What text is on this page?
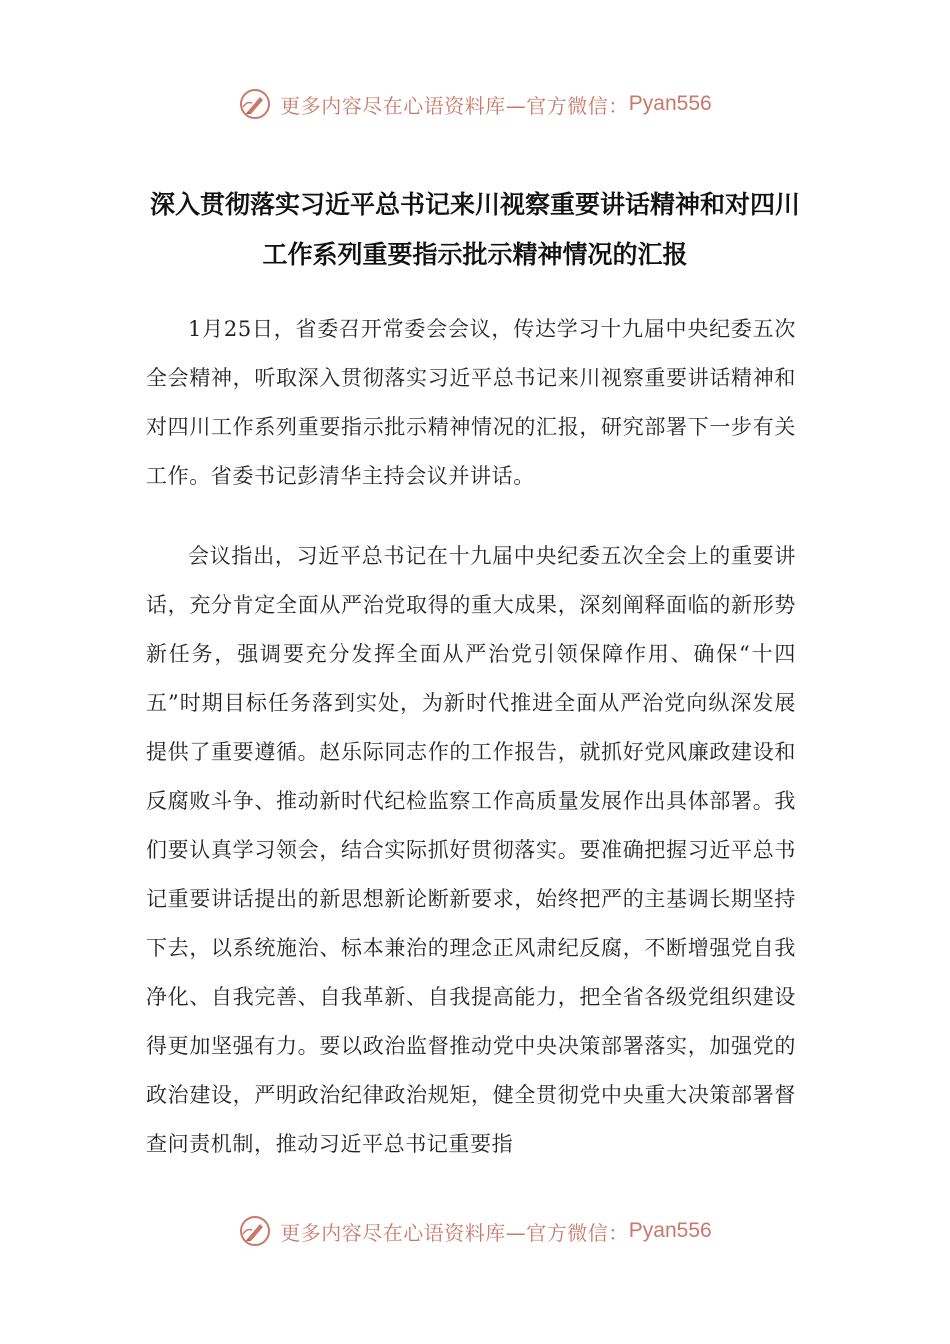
更多内容尽在心语资料库—官方微信： Pyan556
深入贯彻落实习近平总书记来川视察重要讲话精神和对四川工作系列重要指示批示精神情况的汇报

1月25日，省委召开常委会会议，传达学习十九届中央纪委五次全会精神，听取深入贯彻落实习近平总书记来川视察重要讲话精神和对四川工作系列重要指示批示精神情况的汇报，研究部署下一步有关工作。省委书记彭清华主持会议并讲话。

会议指出，习近平总书记在十九届中央纪委五次全会上的重要讲话，充分肯定全面从严治党取得的重大成果，深刻阐释面临的新形势新任务，强调要充分发挥全面从严治党引领保障作用、确保“十四五”时期目标任务落到实处，为新时代推进全面从严治党向纵深发展提供了重要遵循。赵乐际同志作的工作报告，就抓好党风廉政建设和反腐败斗争、推动新时代纪检监察工作高质量发展作出具体部署。我们要认真学习领会，结合实际抓好贯彻落实。要准确把握习近平总书记重要讲话提出的新思想新论断新要求，始终把严的主基调长期坚持下去，以系统施治、标本兼治的理念正风肃纪反腐，不断增强党自我净化、自我完善、自我革新、自我提高能力，把全省各级党组织建设得更加坚强有力。要以政治监督推动党中央决策部署落实，加强党的政治建设，严明政治纪律政治规矩，健全贯彻党中央重大决策部署督查问责机制，推动习近平总书记重要指

更多内容尽在心语资料库—官方微信： Pyan556
